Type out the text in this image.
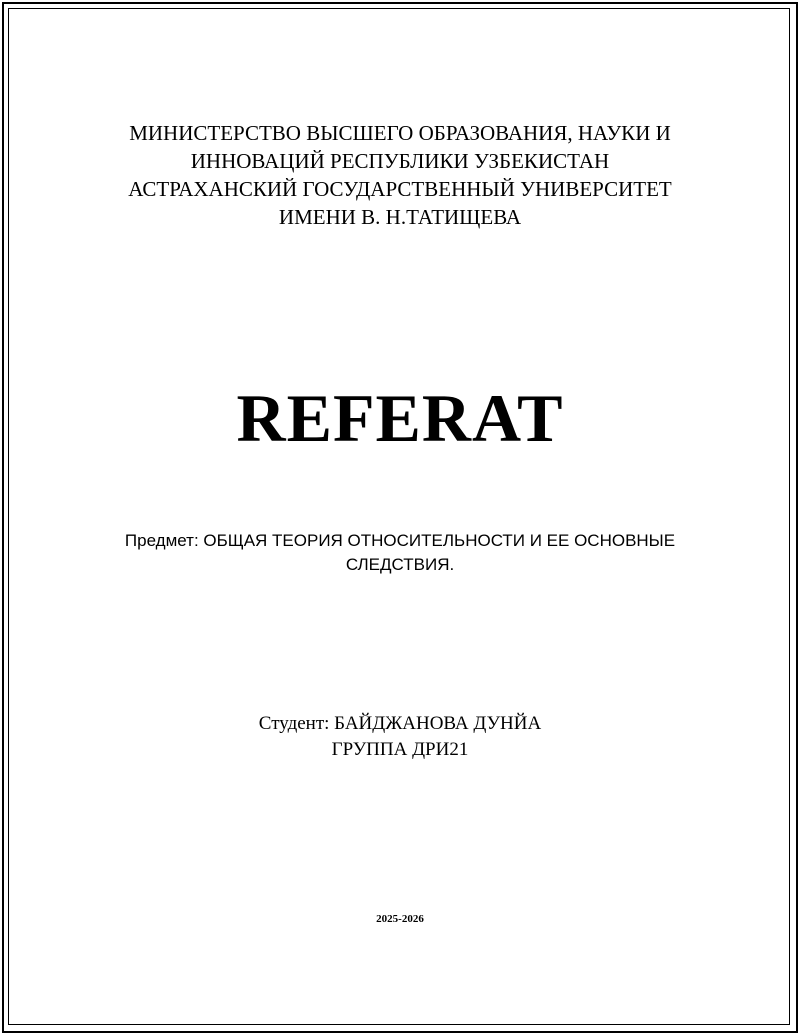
МИНИСТЕРСТВО ВЫСШЕГО ОБРАЗОВАНИЯ, НАУКИ И
ИННОВАЦИЙ РЕСПУБЛИКИ УЗБЕКИСТАН
АСТРАХАНСКИЙ ГОСУДАРСТВЕННЫЙ УНИВЕРСИТЕТ
ИМЕНИ В. Н.ТАТИЩЕВА
REFERAT
Предмет: ОБЩАЯ ТЕОРИЯ ОТНОСИТЕЛЬНОСТИ И ЕЕ ОСНОВНЫЕ
СЛЕДСТВИЯ.
Студент: БАЙДЖАНОВА ДУНЙА
ГРУППА ДРИ21
2025-2026
